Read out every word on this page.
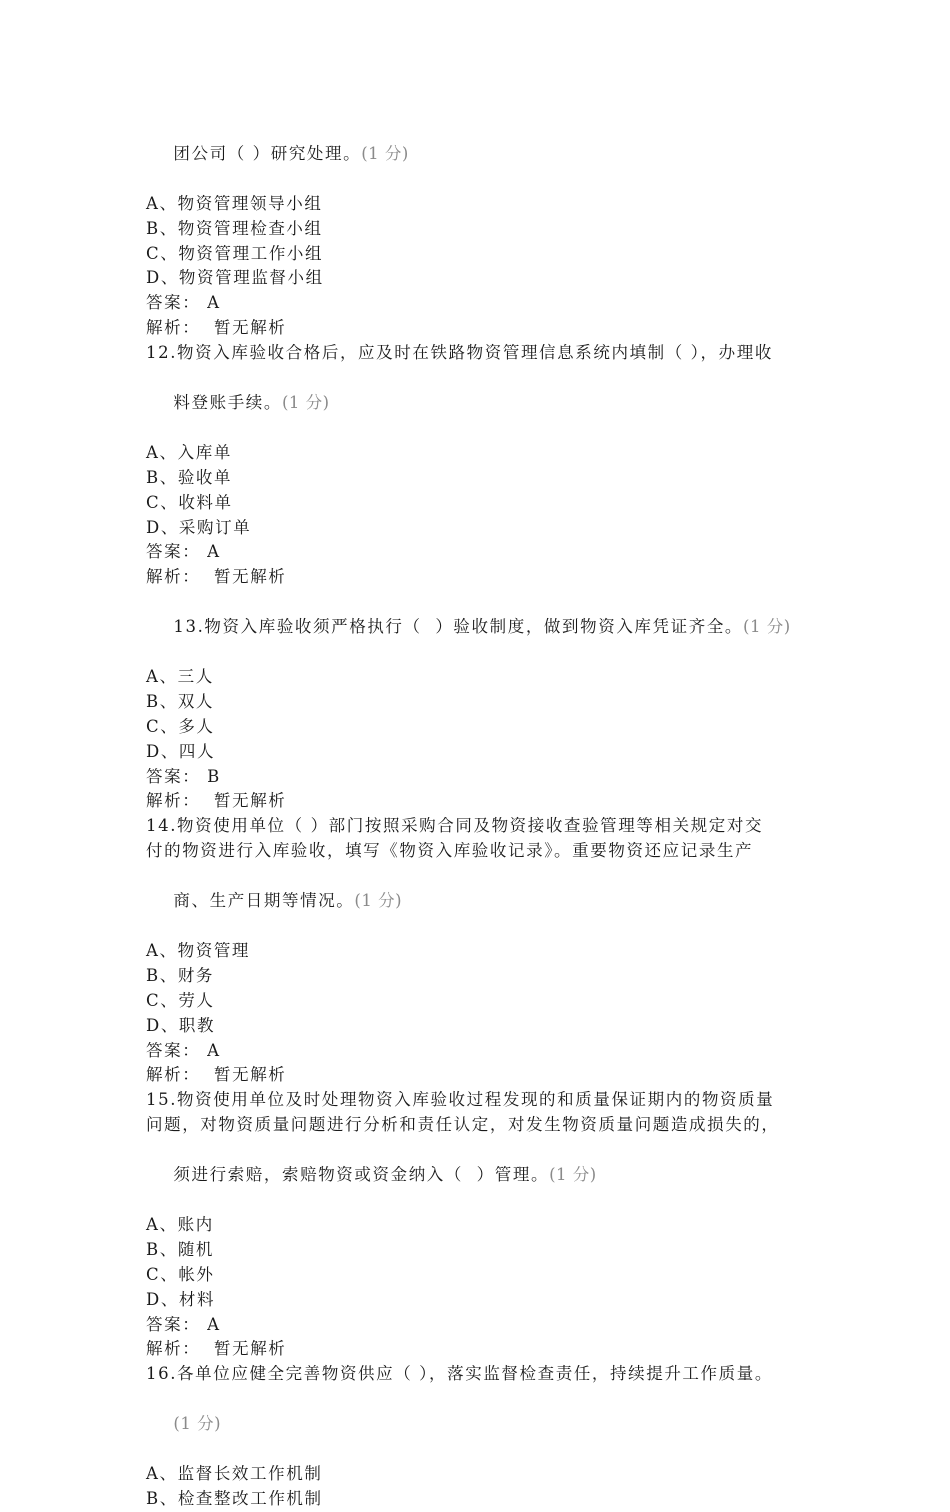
团公司（ ）研究处理。(1 分)

A、物资管理领导小组
B、物资管理检查小组
C、物资管理工作小组
D、物资管理监督小组
答案： A
解析：  暂无解析
12.物资入库验收合格后，应及时在铁路物资管理信息系统内填制（ ），办理收

料登账手续。(1 分)

A、入库单
B、验收单
C、收料单
D、采购订单
答案： A
解析：  暂无解析

13.物资入库验收须严格执行（  ）验收制度，做到物资入库凭证齐全。(1 分)

A、三人
B、双人
C、多人
D、四人
答案： B
解析：  暂无解析
14.物资使用单位（ ）部门按照采购合同及物资接收查验管理等相关规定对交
付的物资进行入库验收，填写《物资入库验收记录》。重要物资还应记录生产

商、生产日期等情况。(1 分)

A、物资管理
B、财务
C、劳人
D、职教
答案： A
解析：  暂无解析
15.物资使用单位及时处理物资入库验收过程发现的和质量保证期内的物资质量
问题，对物资质量问题进行分析和责任认定，对发生物资质量问题造成损失的，

须进行索赔，索赔物资或资金纳入（  ）管理。(1 分)

A、账内
B、随机
C、帐外
D、材料
答案： A
解析：  暂无解析
16.各单位应健全完善物资供应（ ），落实监督检查责任，持续提升工作质量。

(1 分)

A、监督长效工作机制
B、检查整改工作机制
